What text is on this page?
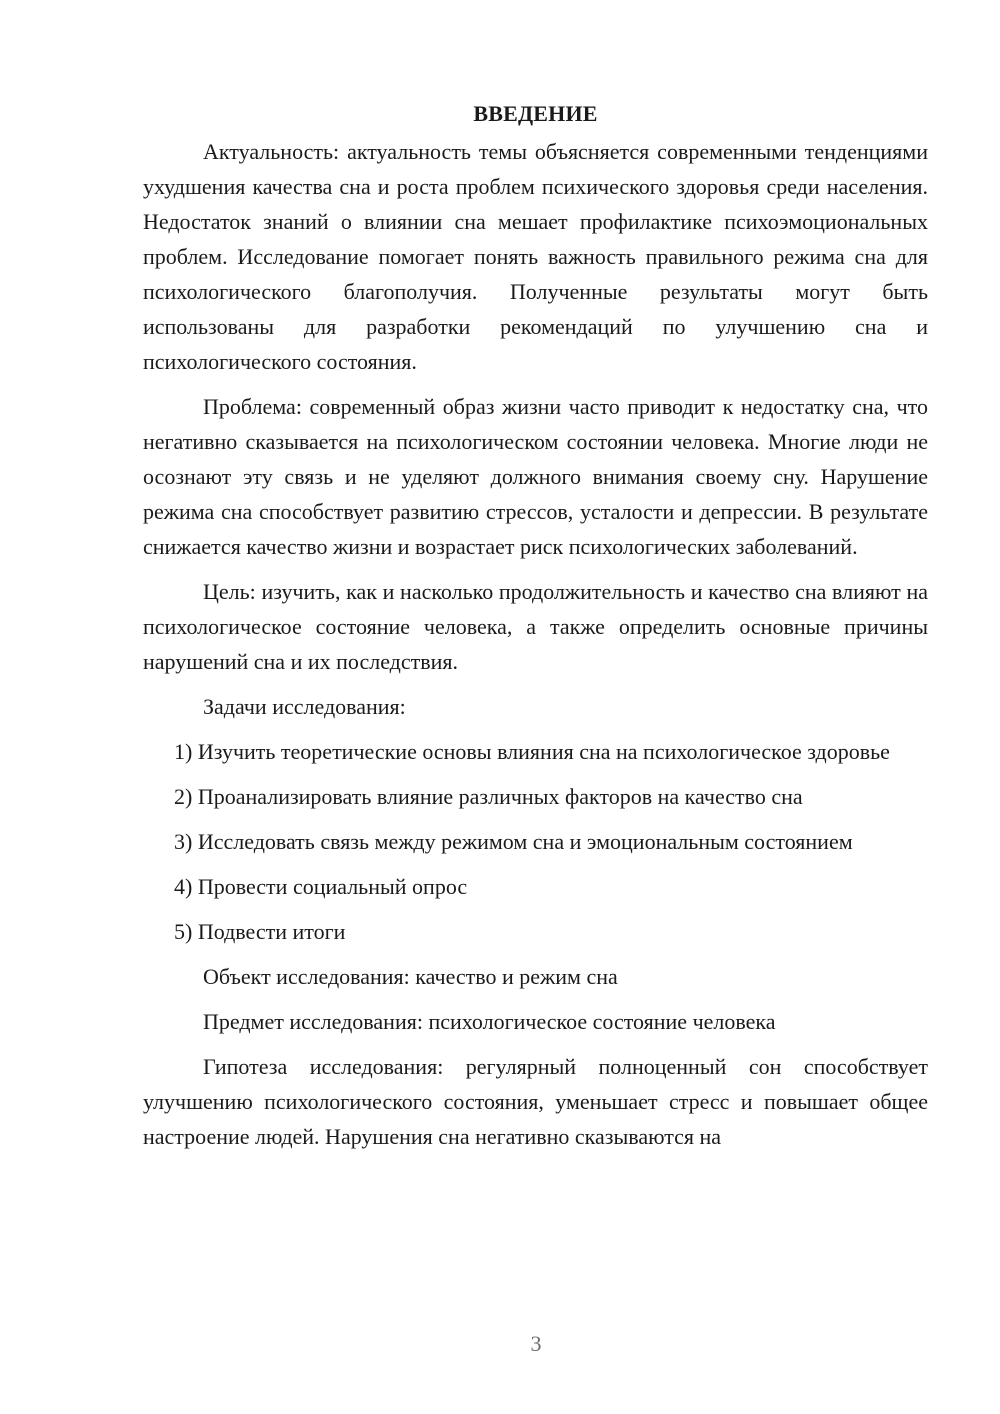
ВВЕДЕНИЕ

Актуальность: актуальность темы объясняется современными тенденциями ухудшения качества сна и роста проблем психического здоровья среди населения. Недостаток знаний о влиянии сна мешает профилактике психоэмоциональных проблем. Исследование помогает понять важность правильного режима сна для психологического благополучия. Полученные результаты могут быть использованы для разработки рекомендаций по улучшению сна и психологического состояния.

Проблема: современный образ жизни часто приводит к недостатку сна, что негативно сказывается на психологическом состоянии человека. Многие люди не осознают эту связь и не уделяют должного внимания своему сну. Нарушение режима сна способствует развитию стрессов, усталости и депрессии. В результате снижается качество жизни и возрастает риск психологических заболеваний.

Цель: изучить, как и насколько продолжительность и качество сна влияют на психологическое состояние человека, а также определить основные причины нарушений сна и их последствия.

Задачи исследования:

1) Изучить теоретические основы влияния сна на психологическое здоровье

2) Проанализировать влияние различных факторов на качество сна

3) Исследовать связь между режимом сна и эмоциональным состоянием

4) Провести социальный опрос

5) Подвести итоги

Объект исследования: качество и режим сна

Предмет исследования: психологическое состояние человека

Гипотеза исследования: регулярный полноценный сон способствует улучшению психологического состояния, уменьшает стресс и повышает общее настроение людей. Нарушения сна негативно сказываются на

3
